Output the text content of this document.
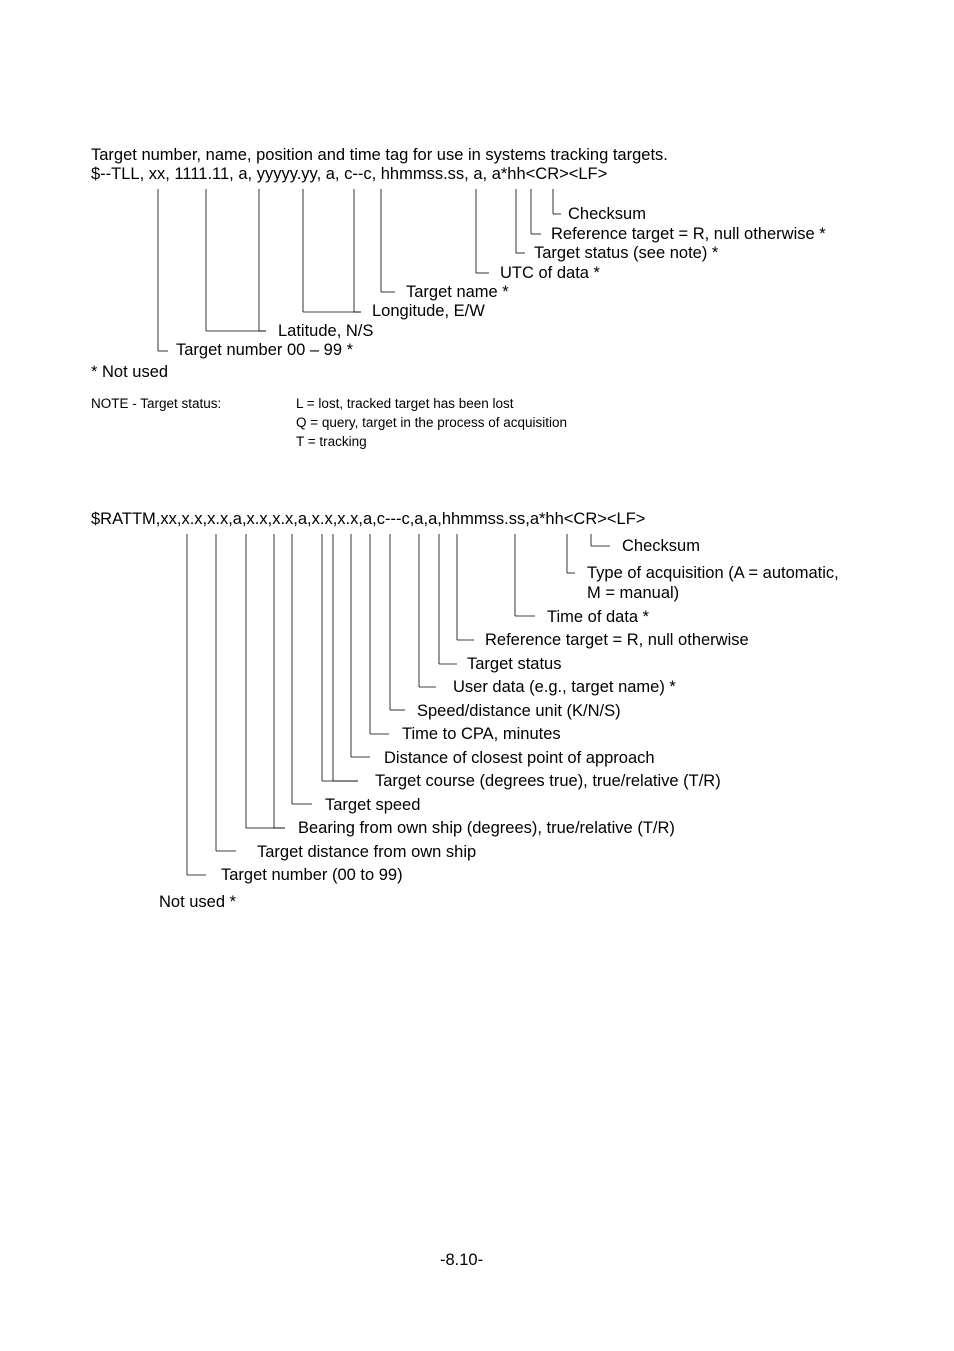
Target number, name, position and time tag for use in systems tracking targets.
$--TLL, xx, 1111.11, a, yyyyy.yy, a, c--c, hhmmss.ss, a, a*hh<CR><LF>
Checksum
Reference target = R, null otherwise *
Target status (see note) *
UTC of data *
Target name *
Longitude, E/W
Latitude, N/S
Target number 00 – 99 *
* Not used
NOTE - Target status:	L = lost, tracked target has been lost
Q = query, target in the process of acquisition
T = tracking
$RATTM,xx,x.x,x.x,a,x.x,x.x,a,x.x,x.x,a,c---c,a,a,hhmmss.ss,a*hh<CR><LF>
Checksum
Type of acquisition (A = automatic,
M = manual)
Time of data *
Reference target = R, null otherwise
Target status
User data (e.g., target name) *
Speed/distance unit (K/N/S)
Time to CPA, minutes
Distance of closest point of approach
Target course (degrees true), true/relative (T/R)
Target speed
Bearing from own ship (degrees), true/relative (T/R)
Target distance from own ship
Target number (00 to 99)
Not used *
-8.10-
